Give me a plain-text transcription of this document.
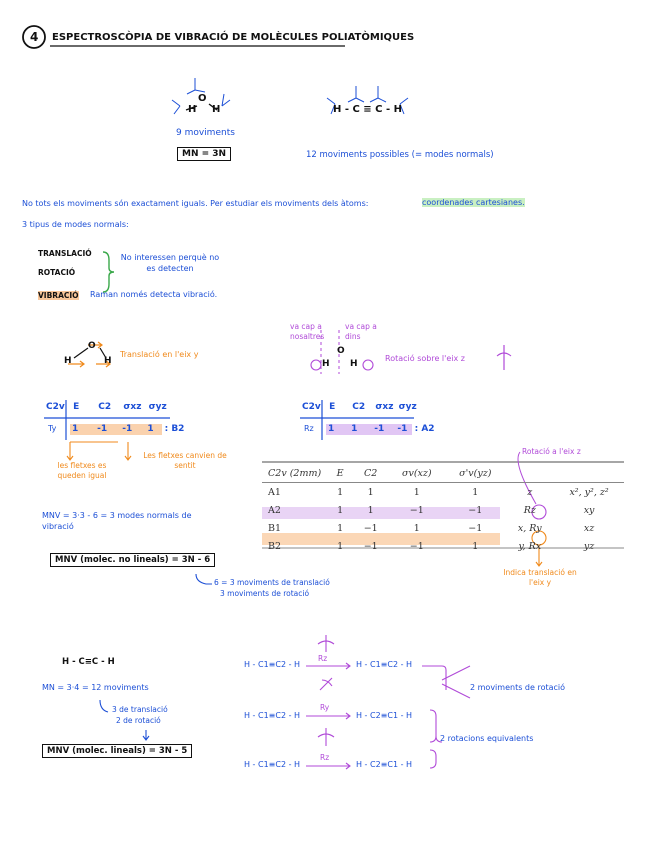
4 ESPECTROSCÒPIA DE VIBRACIÓ DE MOLÈCULES POLIATÒMIQUES
O
H H
9 moviments
MN = 3N
H - C ≡ C - H
12 moviments possibles (= modes normals)
No tots els moviments són exactament iguals. Per estudiar els moviments dels àtoms:	coordenades cartesianes.
3 tipus de modes normals:
TRANSLACIÓ
ROTACIÓ
No interessen perquè no es detecten
VIBRACIÓ Raman només detecta vibració.
O
H	H
Translació en l'eix y
va cap a nosaltres
va cap a dins
O
H H
Rotació sobre l'eix z
C2v E C2 σxz σyz
Ty 1 -1 -1 1 : B2
les fletxes es queden igual
Les fletxes canvien de sentit
C2v E C2 σxz σyz
Rz 1 1 -1 -1 : A2
Rotació a l'eix z
C2v (2mm)	E	C2	σv(xz)	σ'v(yz)		
A1	1	1	1	1	z	x², y², z²
A2	1	1	−1	−1	Rz	xy
B1	1	−1	1	−1	x, Ry	xz
B2	1	−1	−1	1	y, Rx	yz
Indica translació en l'eix y
MNV = 3·3 - 6 = 3 modes normals de vibració
MNV (molec. no lineals) = 3N - 6
6 = 3 moviments de translació
3 moviments de rotació
H - C≡C - H
MN = 3·4 = 12 moviments
3 de translació
2 de rotació
MNV (molec. lineals) = 3N - 5
H - C1≡C2 - H	H - C1≡C2 - H
H - C1≡C2 - H	H - C2≡C1 - H
H - C1≡C2 - H	H - C2≡C1 - H
Rz
Ry
Rz
2 moviments de rotació
2 rotacions equivalents
